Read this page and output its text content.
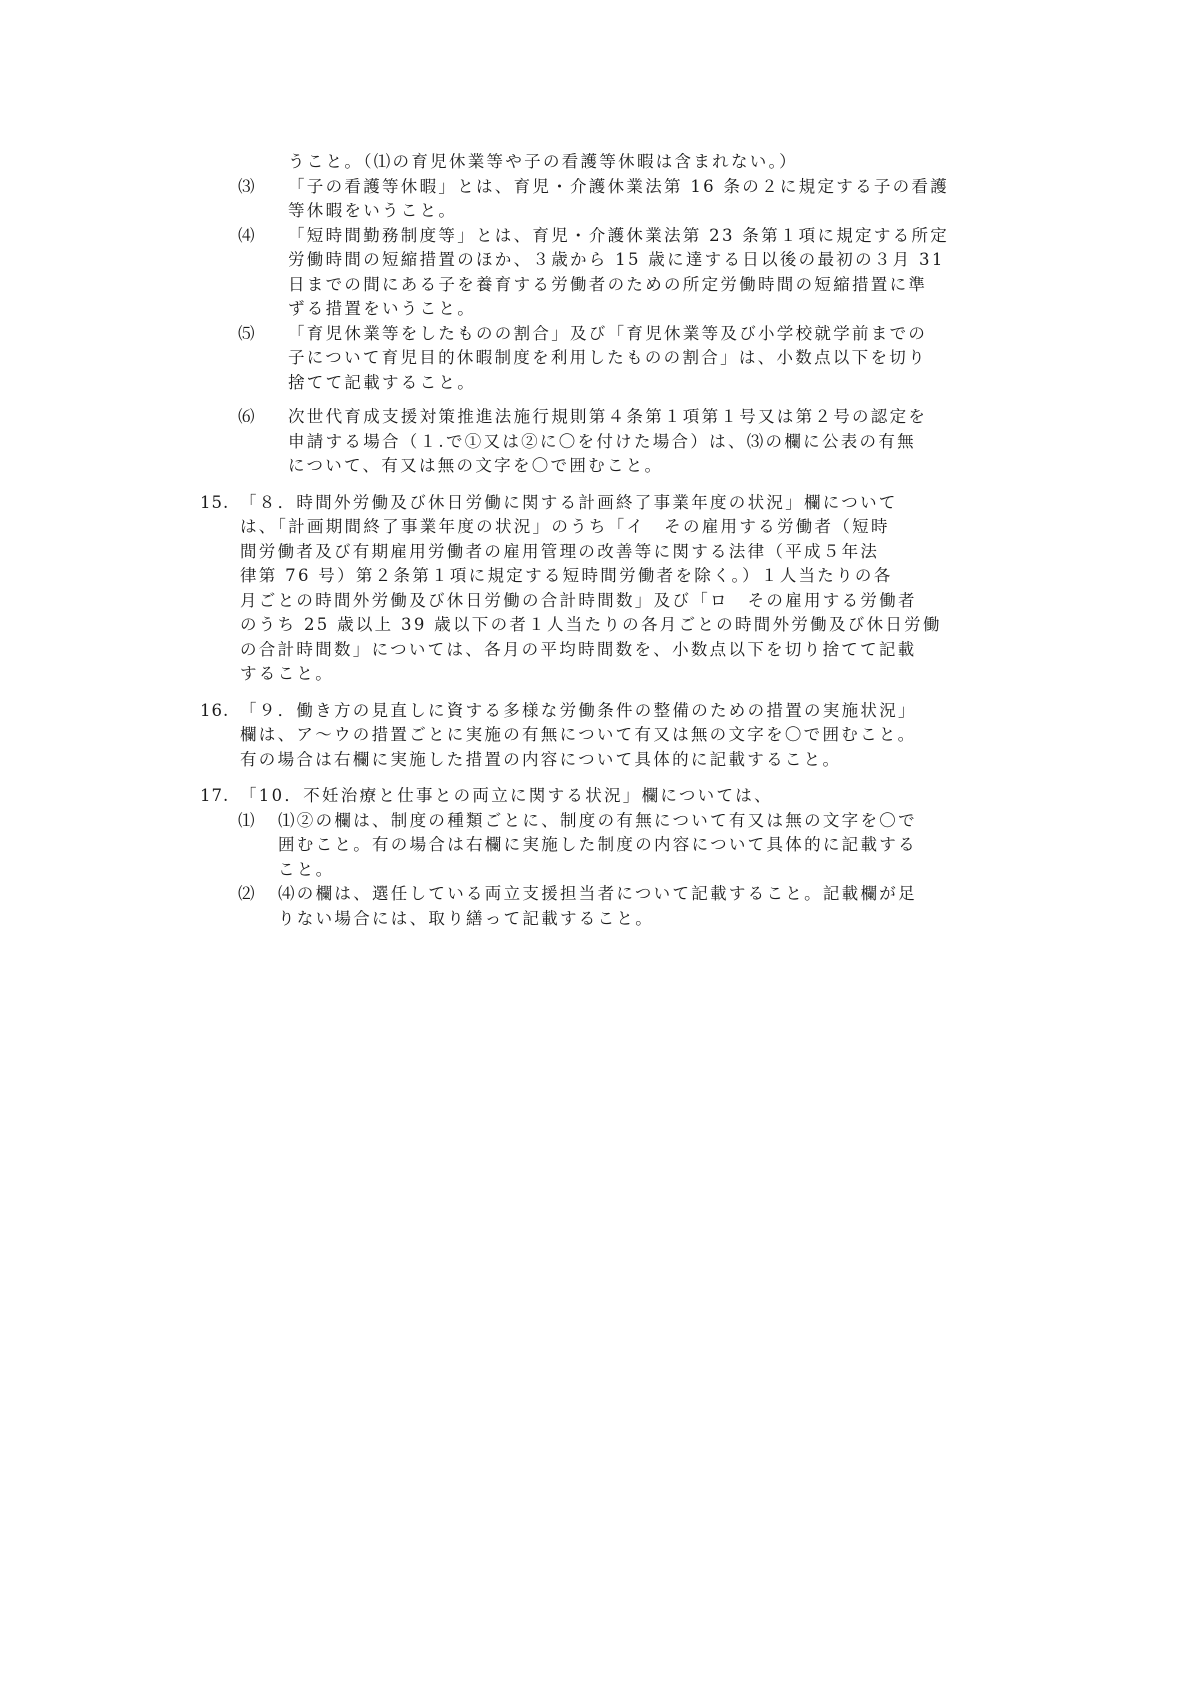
うこと。（⑴の育児休業等や子の看護等休暇は含まれない。）
⑶ 「子の看護等休暇」とは、育児・介護休業法第 16 条の２に規定する子の看護
等休暇をいうこと。
⑷ 「短時間勤務制度等」とは、育児・介護休業法第 23 条第１項に規定する所定
労働時間の短縮措置のほか、３歳から 15 歳に達する日以後の最初の３月 31
日までの間にある子を養育する労働者のための所定労働時間の短縮措置に準
ずる措置をいうこと。
⑸ 「育児休業等をしたものの割合」及び「育児休業等及び小学校就学前までの
子について育児目的休暇制度を利用したものの割合」は、小数点以下を切り
捨てて記載すること。
⑹ 次世代育成支援対策推進法施行規則第４条第１項第１号又は第２号の認定を
申請する場合（１.で①又は②に〇を付けた場合）は、⑶の欄に公表の有無
について、有又は無の文字を〇で囲むこと。
15. 「８．時間外労働及び休日労働に関する計画終了事業年度の状況」欄について
は、「計画期間終了事業年度の状況」のうち「イ　その雇用する労働者（短時
間労働者及び有期雇用労働者の雇用管理の改善等に関する法律（平成５年法
律第 76 号）第２条第１項に規定する短時間労働者を除く。）１人当たりの各
月ごとの時間外労働及び休日労働の合計時間数」及び「ロ　その雇用する労働者
のうち 25 歳以上 39 歳以下の者１人当たりの各月ごとの時間外労働及び休日労働
の合計時間数」については、各月の平均時間数を、小数点以下を切り捨てて記載
すること。
16. 「９．働き方の見直しに資する多様な労働条件の整備のための措置の実施状況」
欄は、ア～ウの措置ごとに実施の有無について有又は無の文字を〇で囲むこと。
有の場合は右欄に実施した措置の内容について具体的に記載すること。
17. 「10．不妊治療と仕事との両立に関する状況」欄については、
⑴ ⑴②の欄は、制度の種類ごとに、制度の有無について有又は無の文字を〇で
囲むこと。有の場合は右欄に実施した制度の内容について具体的に記載する
こと。
⑵ ⑷の欄は、選任している両立支援担当者について記載すること。記載欄が足
りない場合には、取り繕って記載すること。
